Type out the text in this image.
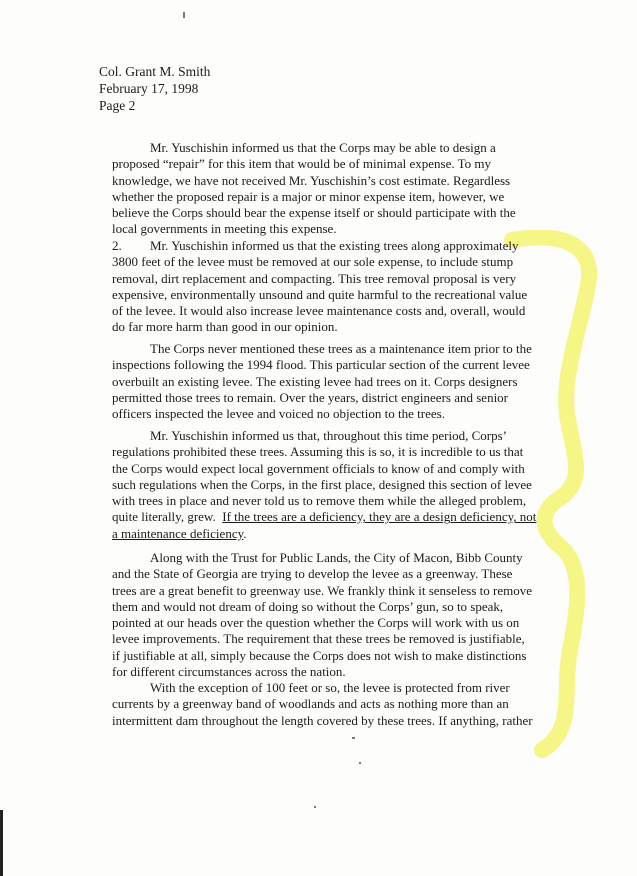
Col. Grant M. Smith
February 17, 1998
Page 2
Mr. Yuschishin informed us that the Corps may be able to design a
proposed “repair” for this item that would be of minimal expense. To my
knowledge, we have not received Mr. Yuschishin’s cost estimate. Regardless
whether the proposed repair is a major or minor expense item, however, we
believe the Corps should bear the expense itself or should participate with the
local governments in meeting this expense.
2. Mr. Yuschishin informed us that the existing trees along approximately
3800 feet of the levee must be removed at our sole expense, to include stump
removal, dirt replacement and compacting. This tree removal proposal is very
expensive, environmentally unsound and quite harmful to the recreational value
of the levee. It would also increase levee maintenance costs and, overall, would
do far more harm than good in our opinion.
The Corps never mentioned these trees as a maintenance item prior to the
inspections following the 1994 flood. This particular section of the current levee
overbuilt an existing levee. The existing levee had trees on it. Corps designers
permitted those trees to remain. Over the years, district engineers and senior
officers inspected the levee and voiced no objection to the trees.
Mr. Yuschishin informed us that, throughout this time period, Corps’
regulations prohibited these trees. Assuming this is so, it is incredible to us that
the Corps would expect local government officials to know of and comply with
such regulations when the Corps, in the first place, designed this section of levee
with trees in place and never told us to remove them while the alleged problem,
quite literally, grew.  If the trees are a deficiency, they are a design deficiency, not
a maintenance deficiency.
Along with the Trust for Public Lands, the City of Macon, Bibb County
and the State of Georgia are trying to develop the levee as a greenway. These
trees are a great benefit to greenway use. We frankly think it senseless to remove
them and would not dream of doing so without the Corps’ gun, so to speak,
pointed at our heads over the question whether the Corps will work with us on
levee improvements. The requirement that these trees be removed is justifiable,
if justifiable at all, simply because the Corps does not wish to make distinctions
for different circumstances across the nation.
With the exception of 100 feet or so, the levee is protected from river
currents by a greenway band of woodlands and acts as nothing more than an
intermittent dam throughout the length covered by these trees. If anything, rather
